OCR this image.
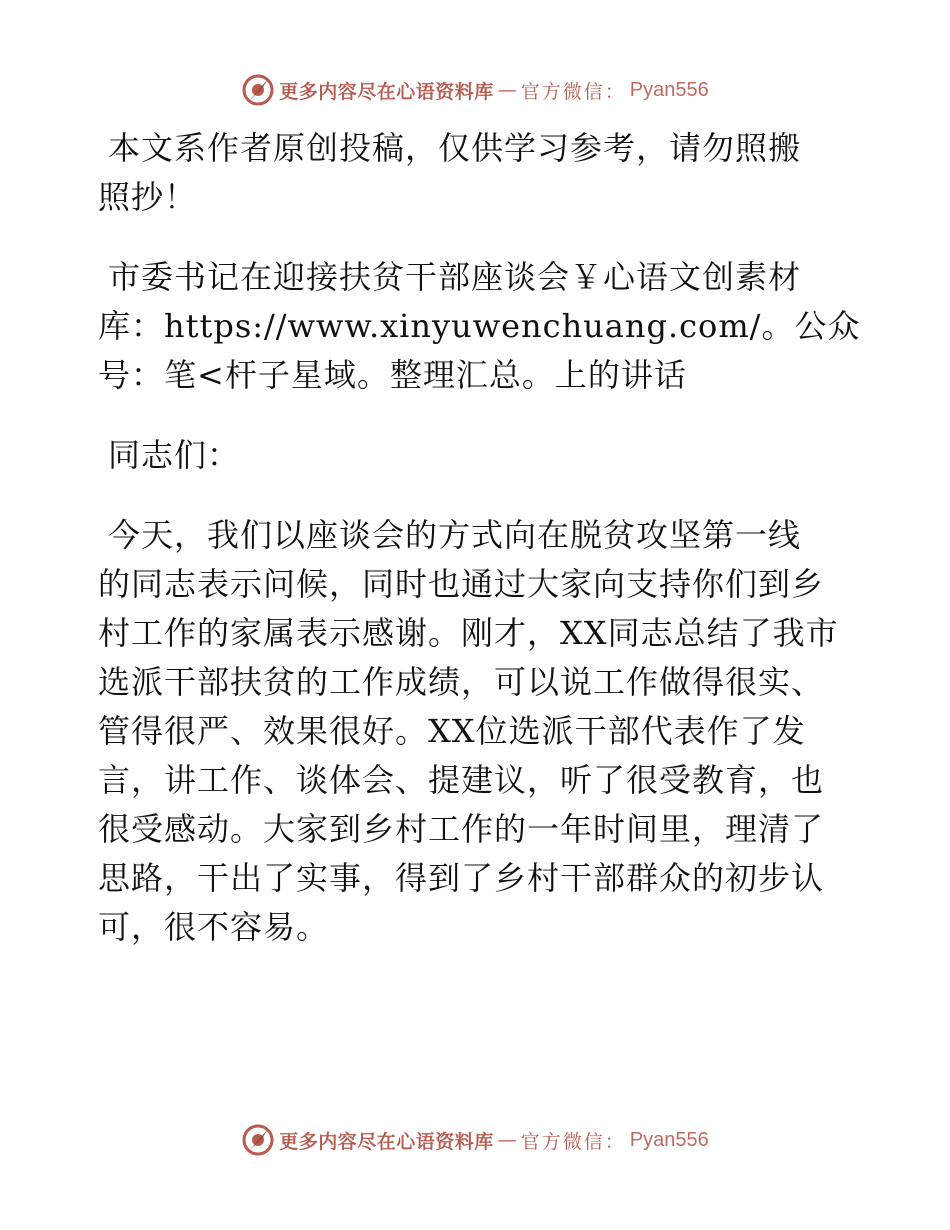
更多内容尽在心语资料库 — 官方微信： Pyan556

本文系作者原创投稿，仅供学习参考，请勿照搬
照抄！

市委书记在迎接扶贫干部座谈会￥心语文创素材
库：https://www.xinyuwenchuang.com/。公众
号：笔<杆子星域。整理汇总。上的讲话

同志们：

今天，我们以座谈会的方式向在脱贫攻坚第一线
的同志表示问候，同时也通过大家向支持你们到乡
村工作的家属表示感谢。刚才，XX同志总结了我市
选派干部扶贫的工作成绩，可以说工作做得很实、
管得很严、效果很好。XX位选派干部代表作了发
言，讲工作、谈体会、提建议，听了很受教育，也
很受感动。大家到乡村工作的一年时间里，理清了
思路，干出了实事，得到了乡村干部群众的初步认
可，很不容易。

更多内容尽在心语资料库 — 官方微信： Pyan556
